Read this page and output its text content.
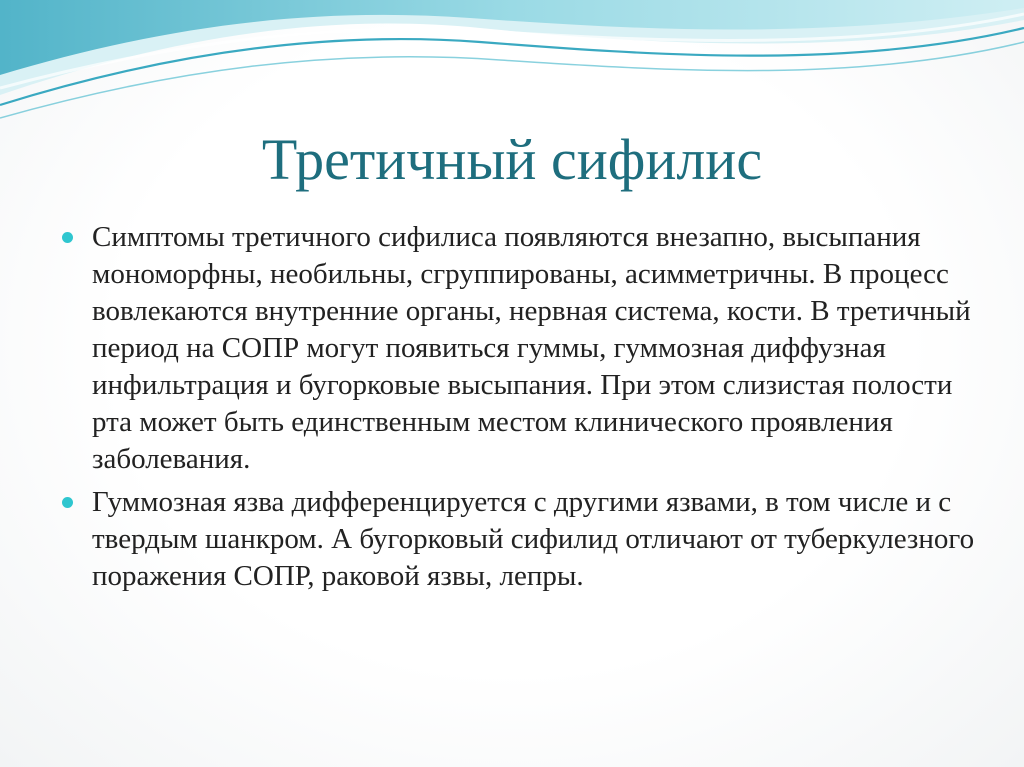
Третичный сифилис
Симптомы третичного сифилиса появляются внезапно, высыпания мономорфны, необильны, сгруппированы, асимметричны. В процесс вовлекаются внутренние органы, нервная система, кости. В третичный период на СОПР могут появиться гуммы, гуммозная диффузная инфильтрация и бугорковые высыпания. При этом слизистая полости рта может быть единственным местом клинического проявления заболевания.
Гуммозная язва дифференцируется с другими язвами, в том числе и с твердым шанкром. А бугорковый сифилид отличают от туберкулезного поражения СОПР, раковой язвы, лепры.
